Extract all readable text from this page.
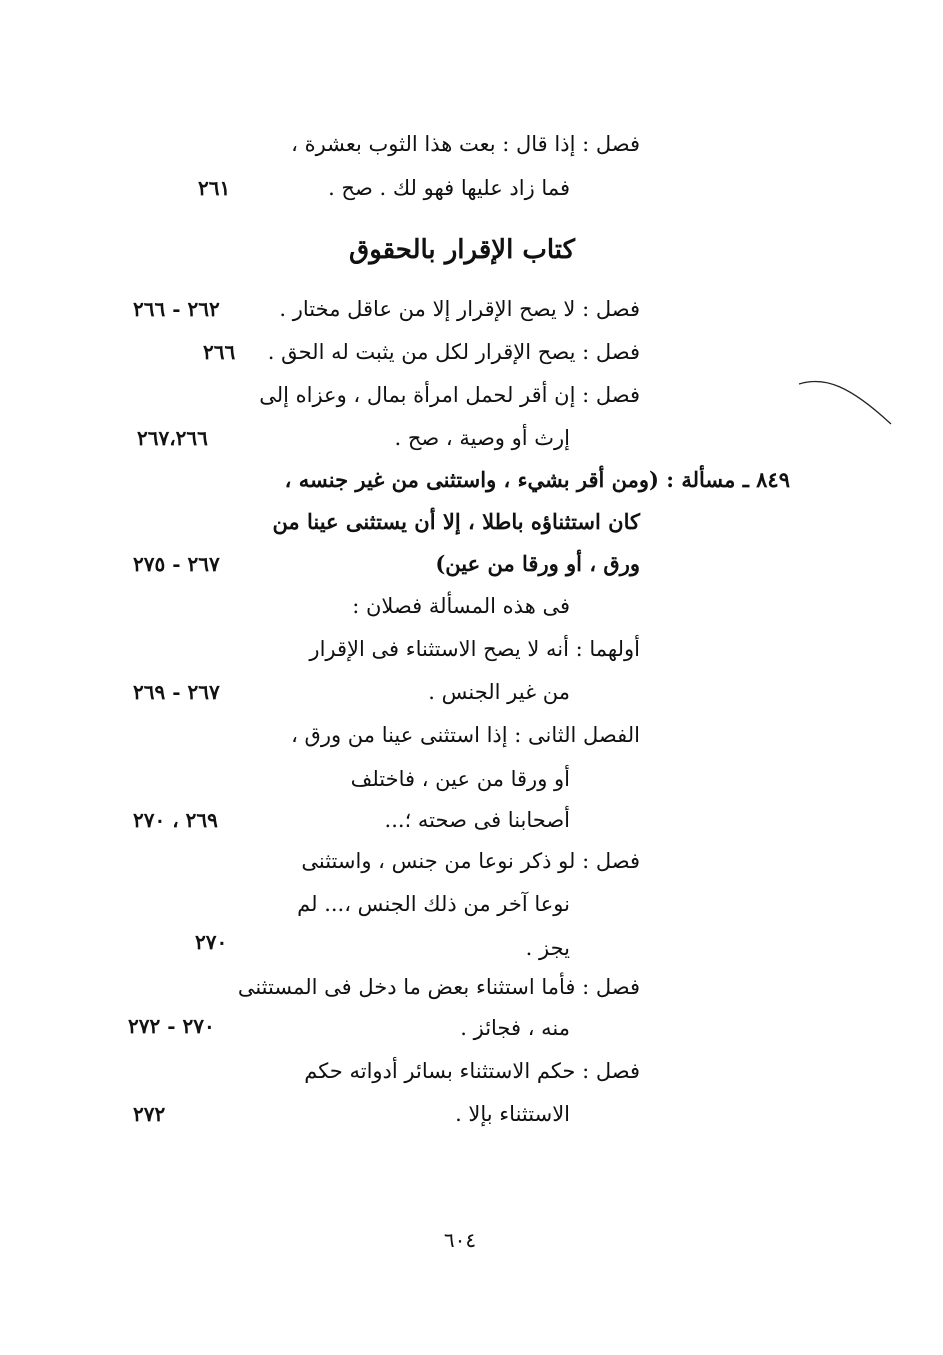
فصل : إذا قال : بعت هذا الثوب بعشرة ،
فما زاد عليها فهو لك . صح .
٢٦١
كتاب الإقرار بالحقوق
فصل : لا يصح الإقرار إلا من عاقل مختار .
٢٦٢ - ٢٦٦
فصل : يصح الإقرار لكل من يثبت له الحق .
٢٦٦
فصل : إن أقر لحمل امرأة بمال ، وعزاه إلى
إرث أو وصية ، صح .
٢٦٧،٢٦٦
٨٤٩ ـ مسألة : (ومن أقر بشيء ، واستثنى من غير جنسه ،
كان استثناؤه باطلا ، إلا أن يستثنى عينا من
ورق ، أو ورقا من عين)
٢٦٧ - ٢٧٥
فى هذه المسألة فصلان :
أولهما : أنه لا يصح الاستثناء فى الإقرار
من غير الجنس .
٢٦٧ - ٢٦٩
الفصل الثانى : إذا استثنى عينا من ورق ،
أو ورقا من عين ، فاختلف
أصحابنا فى صحته ؛...
٢٦٩ ، ٢٧٠
فصل : لو ذكر نوعا من جنس ، واستثنى
نوعا آخر من ذلك الجنس ،... لم
يجز .
٢٧٠
فصل : فأما استثناء بعض ما دخل فى المستثنى
منه ، فجائز .
٢٧٠ - ٢٧٢
فصل : حكم الاستثناء بسائر أدواته حكم
الاستثناء بإلا .
٢٧٢
٦٠٤
